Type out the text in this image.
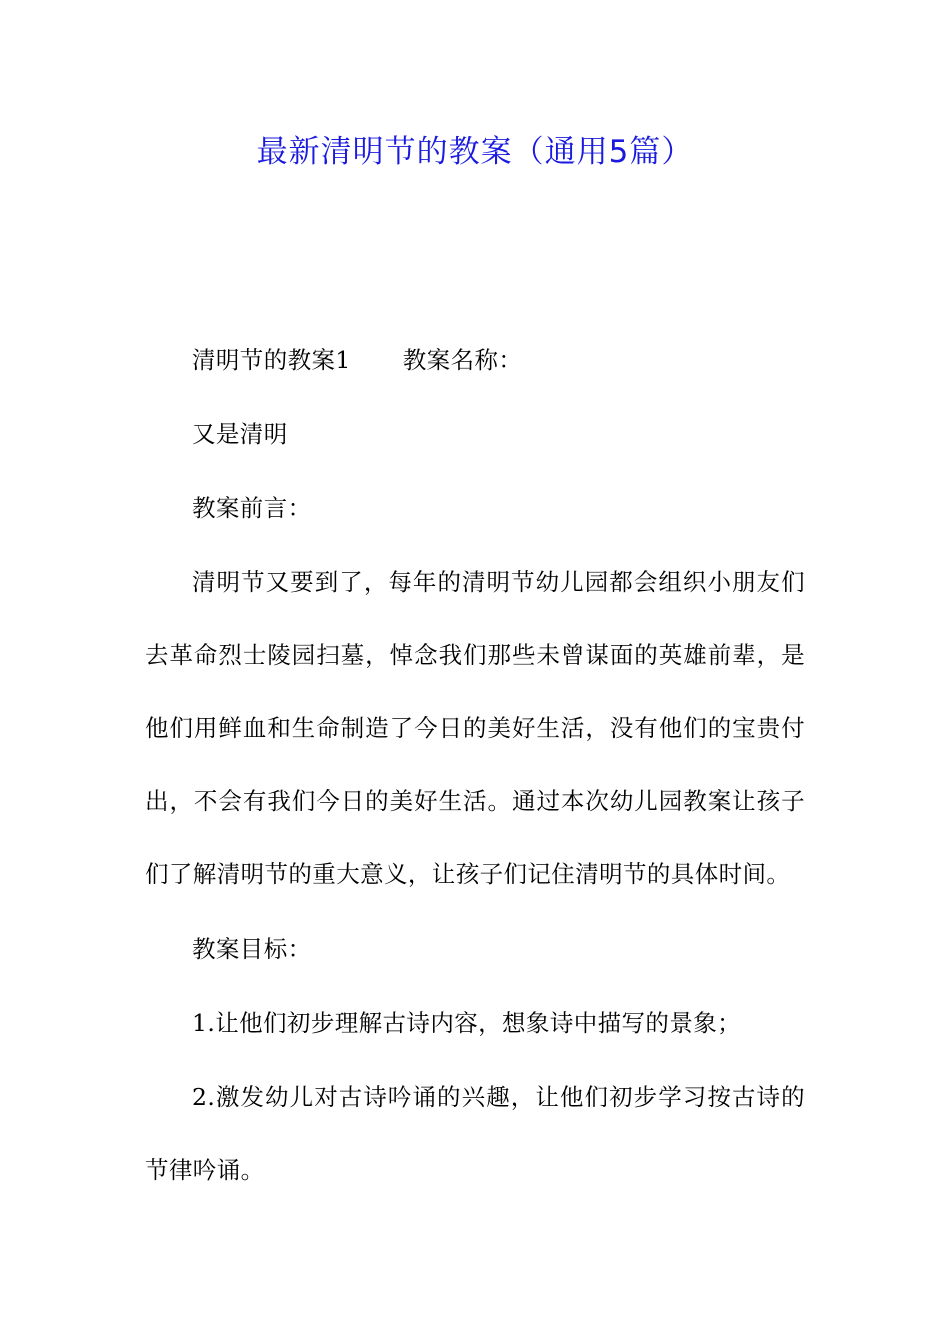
最新清明节的教案（通用5篇）

清明节的教案1 教案名称：

又是清明

教案前言：

清明节又要到了，每年的清明节幼儿园都会组织小朋友们去革命烈士陵园扫墓，悼念我们那些未曾谋面的英雄前辈，是他们用鲜血和生命制造了今日的美好生活，没有他们的宝贵付出，不会有我们今日的美好生活。通过本次幼儿园教案让孩子们了解清明节的重大意义，让孩子们记住清明节的具体时间。

教案目标：

1.让他们初步理解古诗内容，想象诗中描写的景象；

2.激发幼儿对古诗吟诵的兴趣，让他们初步学习按古诗的节律吟诵。
